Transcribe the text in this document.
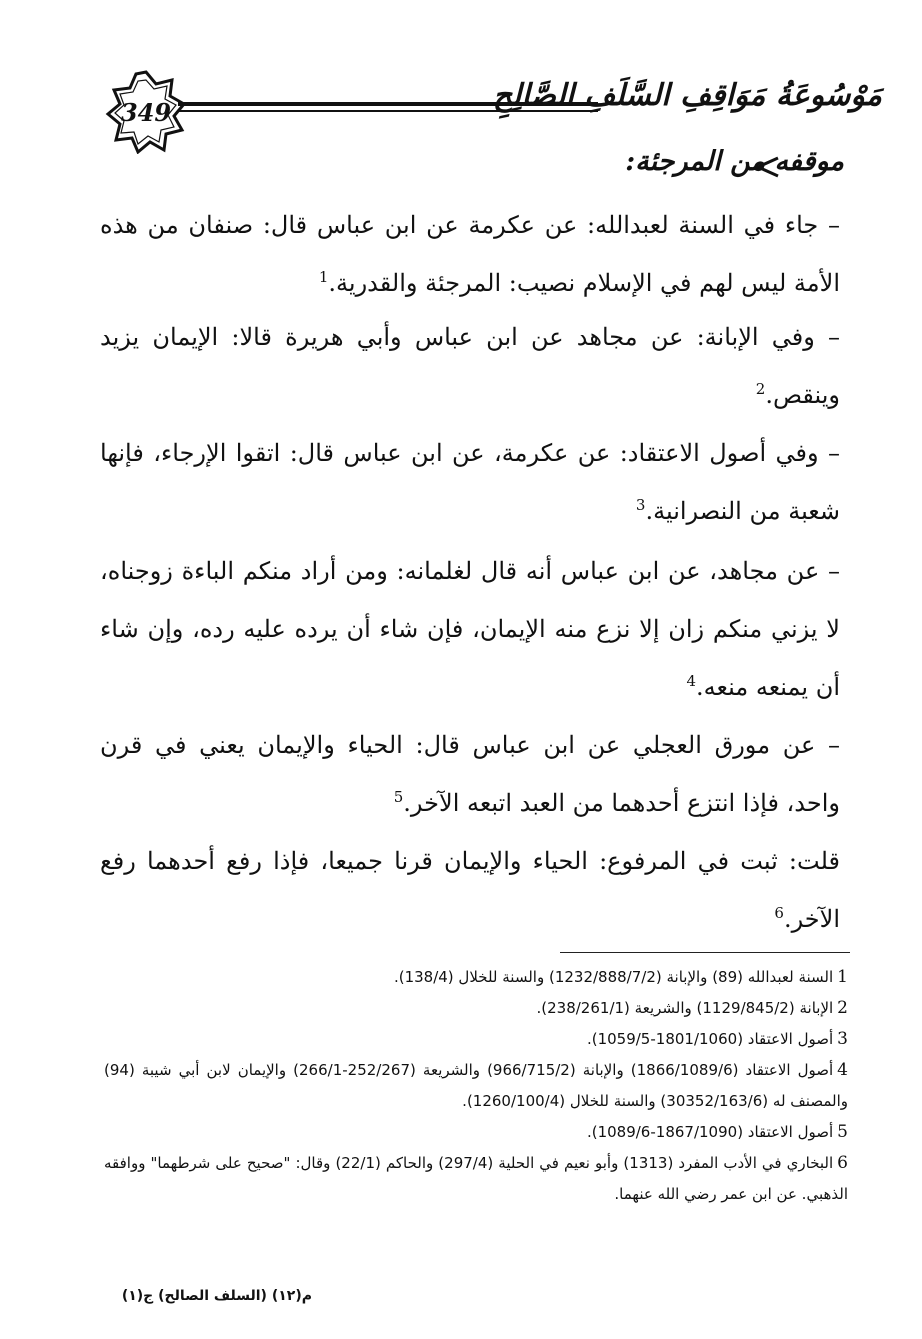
349	مَوْسُوعَةُ مَوَاقِفِ السَّلَفِ الصَّالِحِ
موقفه من المرجئة:

– جاء في السنة لعبدالله: عن عكرمة عن ابن عباس قال: صنفان من هذه الأمة ليس لهم في الإسلام نصيب: المرجئة والقدرية.$^1$

– وفي الإبانة: عن مجاهد عن ابن عباس وأبي هريرة قالا: الإيمان يزيد وينقص.$^2$

– وفي أصول الاعتقاد: عن عكرمة، عن ابن عباس قال: اتقوا الإرجاء، فإنها شعبة من النصرانية.$^3$

– عن مجاهد، عن ابن عباس أنه قال لغلمانه: ومن أراد منكم الباءة زوجناه، لا يزني منكم زان إلا نزع منه الإيمان، فإن شاء أن يرده عليه رده، وإن شاء أن يمنعه منعه.$^4$

– عن مورق العجلي عن ابن عباس قال: الحياء والإيمان يعني في قرن واحد، فإذا انتزع أحدهما من العبد اتبعه الآخر.$^5$

قلت: ثبت في المرفوع: الحياء والإيمان قرنا جميعا، فإذا رفع أحدهما رفع الآخر.$^6$

1السنة لعبدالله (89) والإبانة (1232/888/7/2) والسنة للخلال (138/4).

2الإبانة (1129/845/2) والشريعة (238/261/1).

3أصول الاعتقاد (1801/1060-1059/5).

4أصول الاعتقاد (1866/1089/6) والإبانة (966/715/2) والشريعة (252/267-266/1) والإيمان لابن أبي شيبة (94) والمصنف له (30352/163/6) والسنة للخلال (1260/100/4).

5أصول الاعتقاد (1867/1090-1089/6).

6البخاري في الأدب المفرد (1313) وأبو نعيم في الحلية (297/4) والحاكم (22/1) وقال: "صحيح على شرطهما" ووافقه الذهبي. عن ابن عمر رضي الله عنهما.

م(١٢) (السلف الصالح) ج(١)
